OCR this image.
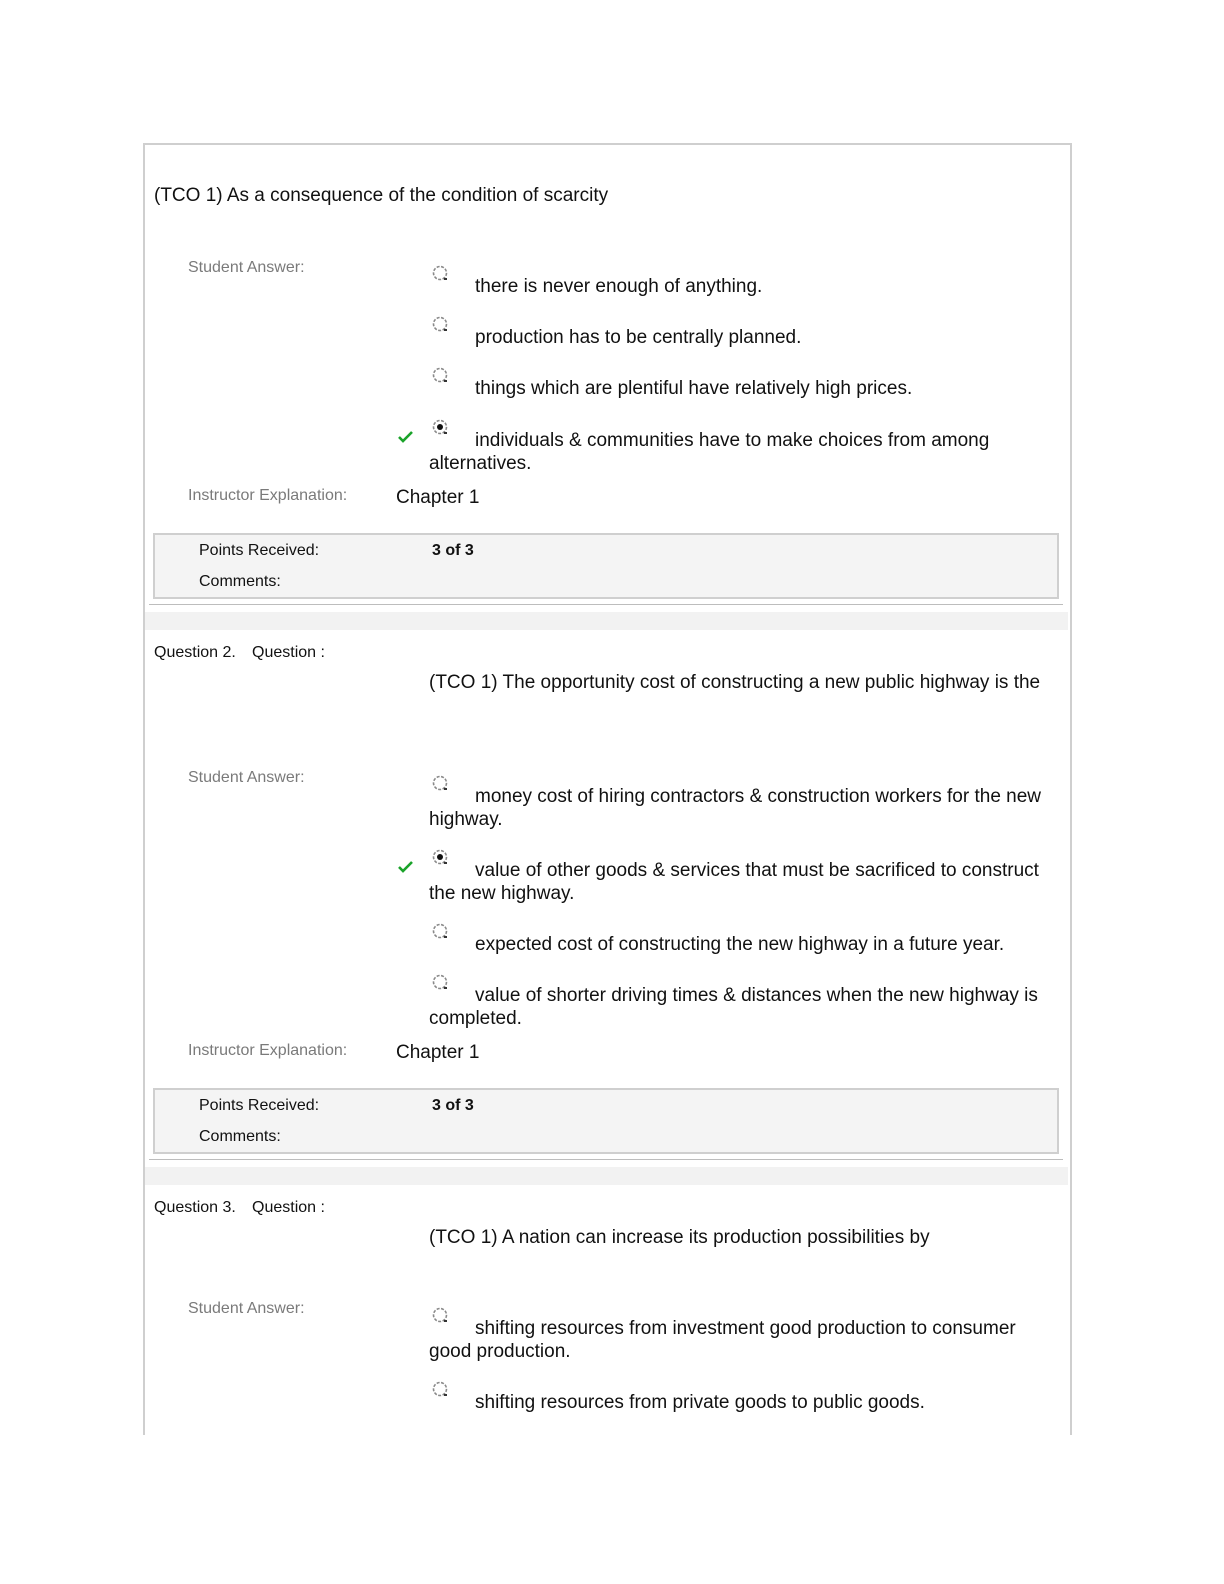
(TCO 1) As a consequence of the condition of scarcity
Student Answer:
there is never enough of anything.
production has to be centrally planned.
things which are plentiful have relatively high prices.
individuals & communities have to make choices from among alternatives.
Instructor Explanation:	Chapter 1
Points Received:	3 of 3
Comments:
Question 2. Question :
(TCO 1) The opportunity cost of constructing a new public highway is the
Student Answer:
money cost of hiring contractors & construction workers for the new highway.
value of other goods & services that must be sacrificed to construct the new highway.
expected cost of constructing the new highway in a future year.
value of shorter driving times & distances when the new highway is completed.
Instructor Explanation:	Chapter 1
Points Received:	3 of 3
Comments:
Question 3. Question :
(TCO 1) A nation can increase its production possibilities by
Student Answer:
shifting resources from investment good production to consumer good production.
shifting resources from private goods to public goods.
